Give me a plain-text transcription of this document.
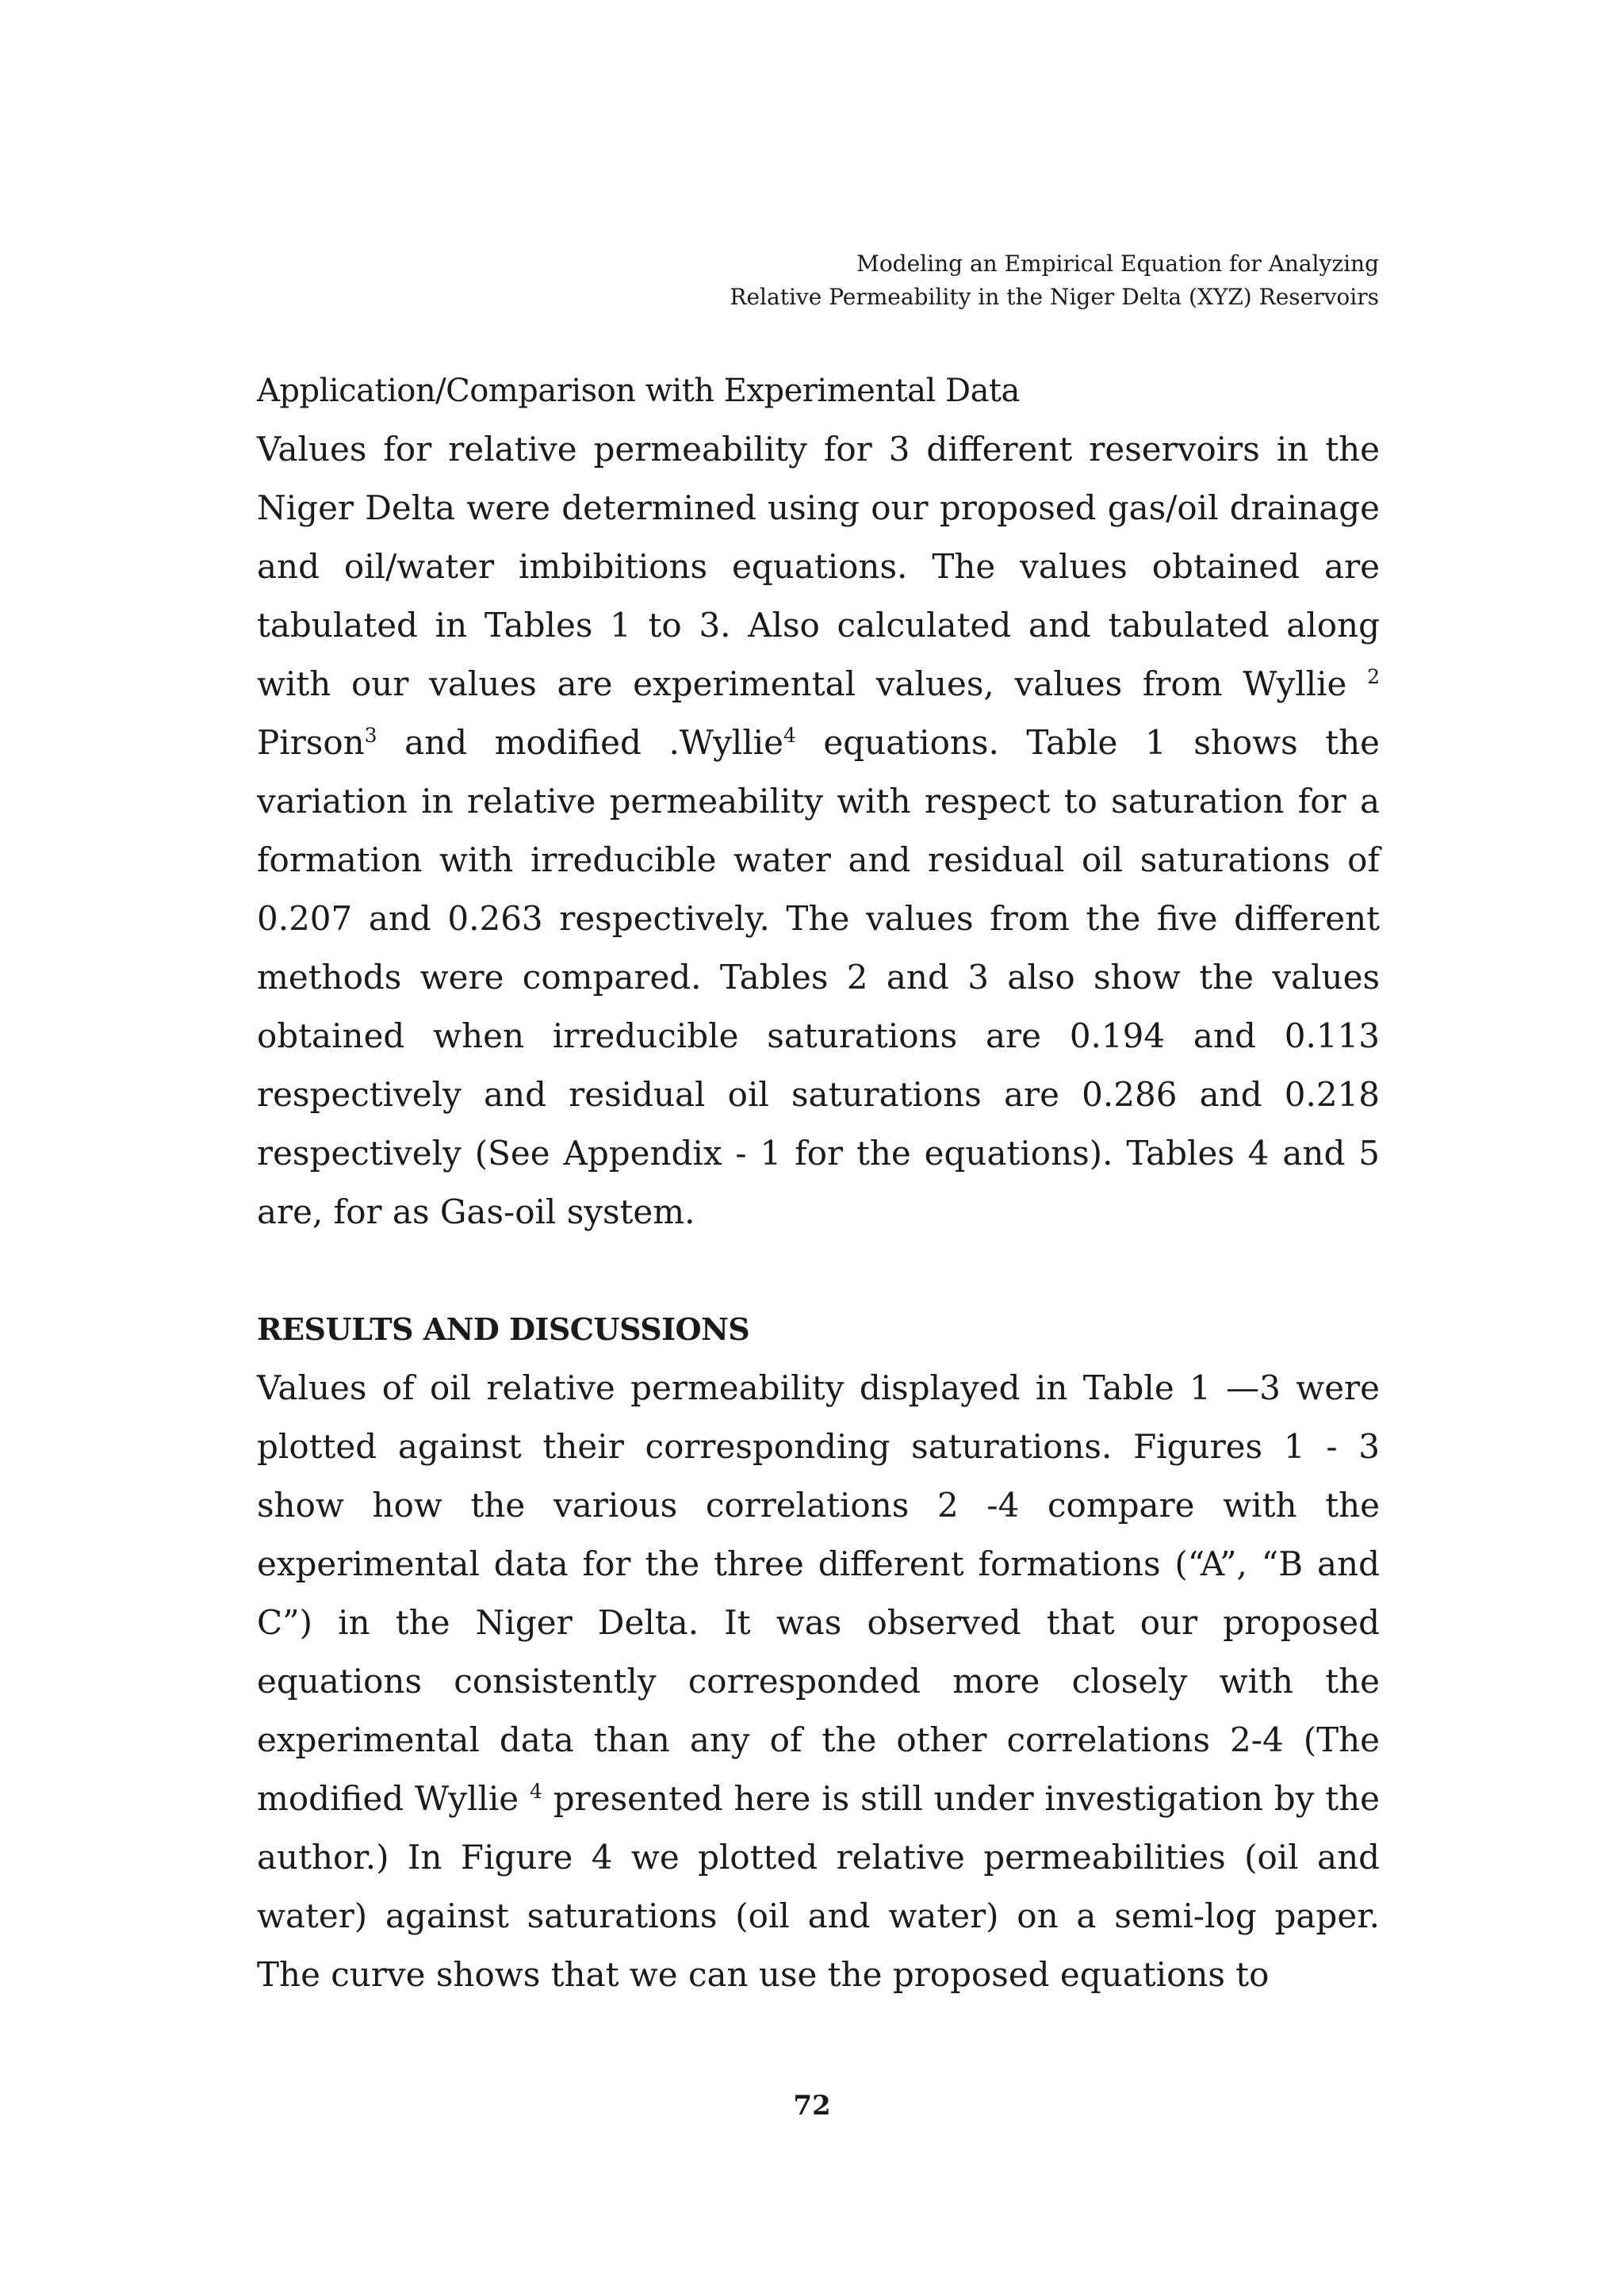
Modeling an Empirical Equation for Analyzing
Relative Permeability in the Niger Delta (XYZ) Reservoirs
Application/Comparison with Experimental Data

Values for relative permeability for 3 different reservoirs in the Niger Delta were determined using our proposed gas/oil drainage and oil/water imbibitions equations. The values obtained are tabulated in Tables 1 to 3. Also calculated and tabulated along with our values are experimental values, values from Wyllie $^2$ Pirson$^3$ and modified .Wyllie$^4$ equations. Table 1 shows the variation in relative permeability with respect to saturation for a formation with irreducible water and residual oil saturations of 0.207 and 0.263 respectively. The values from the five different methods were compared. Tables 2 and 3 also show the values obtained when irreducible saturations are 0.194 and 0.113 respectively and residual oil saturations are 0.286 and 0.218 respectively (See Appendix - 1 for the equations). Tables 4 and 5 are, for as Gas-oil system.

RESULTS AND DISCUSSIONS

Values of oil relative permeability displayed in Table 1 —3 were plotted against their corresponding saturations. Figures 1 - 3 show how the various correlations 2 -4 compare with the experimental data for the three different formations (“A”, “B and C”) in the Niger Delta. It was observed that our proposed equations consistently corresponded more closely with the experimental data than any of the other correlations 2-4 (The modified Wyllie $^4$ presented here is still under investigation by the author.) In Figure 4 we plotted relative permeabilities (oil and water) against saturations (oil and water) on a semi-log paper. The curve shows that we can use the proposed equations to

72
